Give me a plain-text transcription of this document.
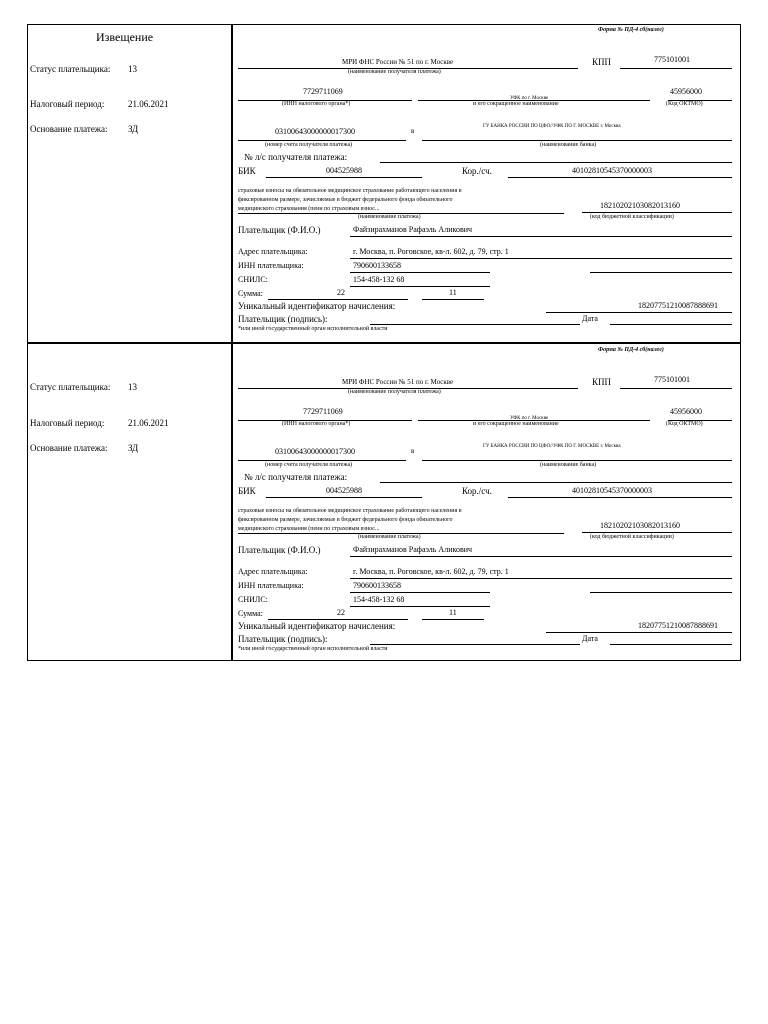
Извещение
Статус плательщика: 13
Налоговый период:	21.06.2021
Основание платежа: ЗД
Статус плательщика: 13
Налоговый период:	21.06.2021
Основание платежа: ЗД
Форма № ПД-4 сб(налог)
МРИ ФНС России № 51 по г. Москве
(наименование получателя платежа)
КПП	775101001
7729711069
УФК по г. Москве
45956000
(ИНН налогового органа*)	и его сокращенное наименование	(Код ОКТМО)
03100643000000017300	в
ГУ БАНКА РОССИИ ПО ЦФО//УФК ПО Г. МОСКВЕ г. Москва
(номер счета получателя платежа)	(наименование банка)
№ л/с получателя платежа:
БИК	004525988	Кор./сч.	40102810545370000003
страховые взносы на обязательное медицинское страхование работающего населения в
фиксированном размере, зачисляемые в бюджет федерального фонда обязательного
медицинского страхования (пени по страховым взнос...
(наименование платежа)
18210202103082013160
(код бюджетной классификации)
Плательщик (Ф.И.О.)	Файзирахманов Рафаэль Аликович
Адрес плательщика:	г. Москва, п. Роговское, кв-л. 602, д. 79, стр. 1
ИНН плательщика:	790600133658
СНИЛС:	154-458-132 68
Сумма:	22	11
Уникальный идентификатор начисления:	18207751210087888691
Плательщик (подпись):	Дата
*или иной государственный орган исполнительной власти
Форма № ПД-4 сб(налог)
МРИ ФНС России № 51 по г. Москве
(наименование получателя платежа)
КПП	775101001
7729711069
УФК по г. Москве
45956000
(ИНН налогового органа*)	и его сокращенное наименование	(Код ОКТМО)
03100643000000017300	в
ГУ БАНКА РОССИИ ПО ЦФО//УФК ПО Г. МОСКВЕ г. Москва
(номер счета получателя платежа)	(наименование банка)
№ л/с получателя платежа:
БИК	004525988	Кор./сч.	40102810545370000003
страховые взносы на обязательное медицинское страхование работающего населения в
фиксированном размере, зачисляемые в бюджет федерального фонда обязательного
медицинского страхования (пени по страховым взнос...
(наименование платежа)
18210202103082013160
(код бюджетной классификации)
Плательщик (Ф.И.О.)	Файзирахманов Рафаэль Аликович
Адрес плательщика:	г. Москва, п. Роговское, кв-л. 602, д. 79, стр. 1
ИНН плательщика:	790600133658
СНИЛС:	154-458-132 68
Сумма:	22	11
Уникальный идентификатор начисления:	18207751210087888691
Плательщик (подпись):	Дата
*или иной государственный орган исполнительной власти
